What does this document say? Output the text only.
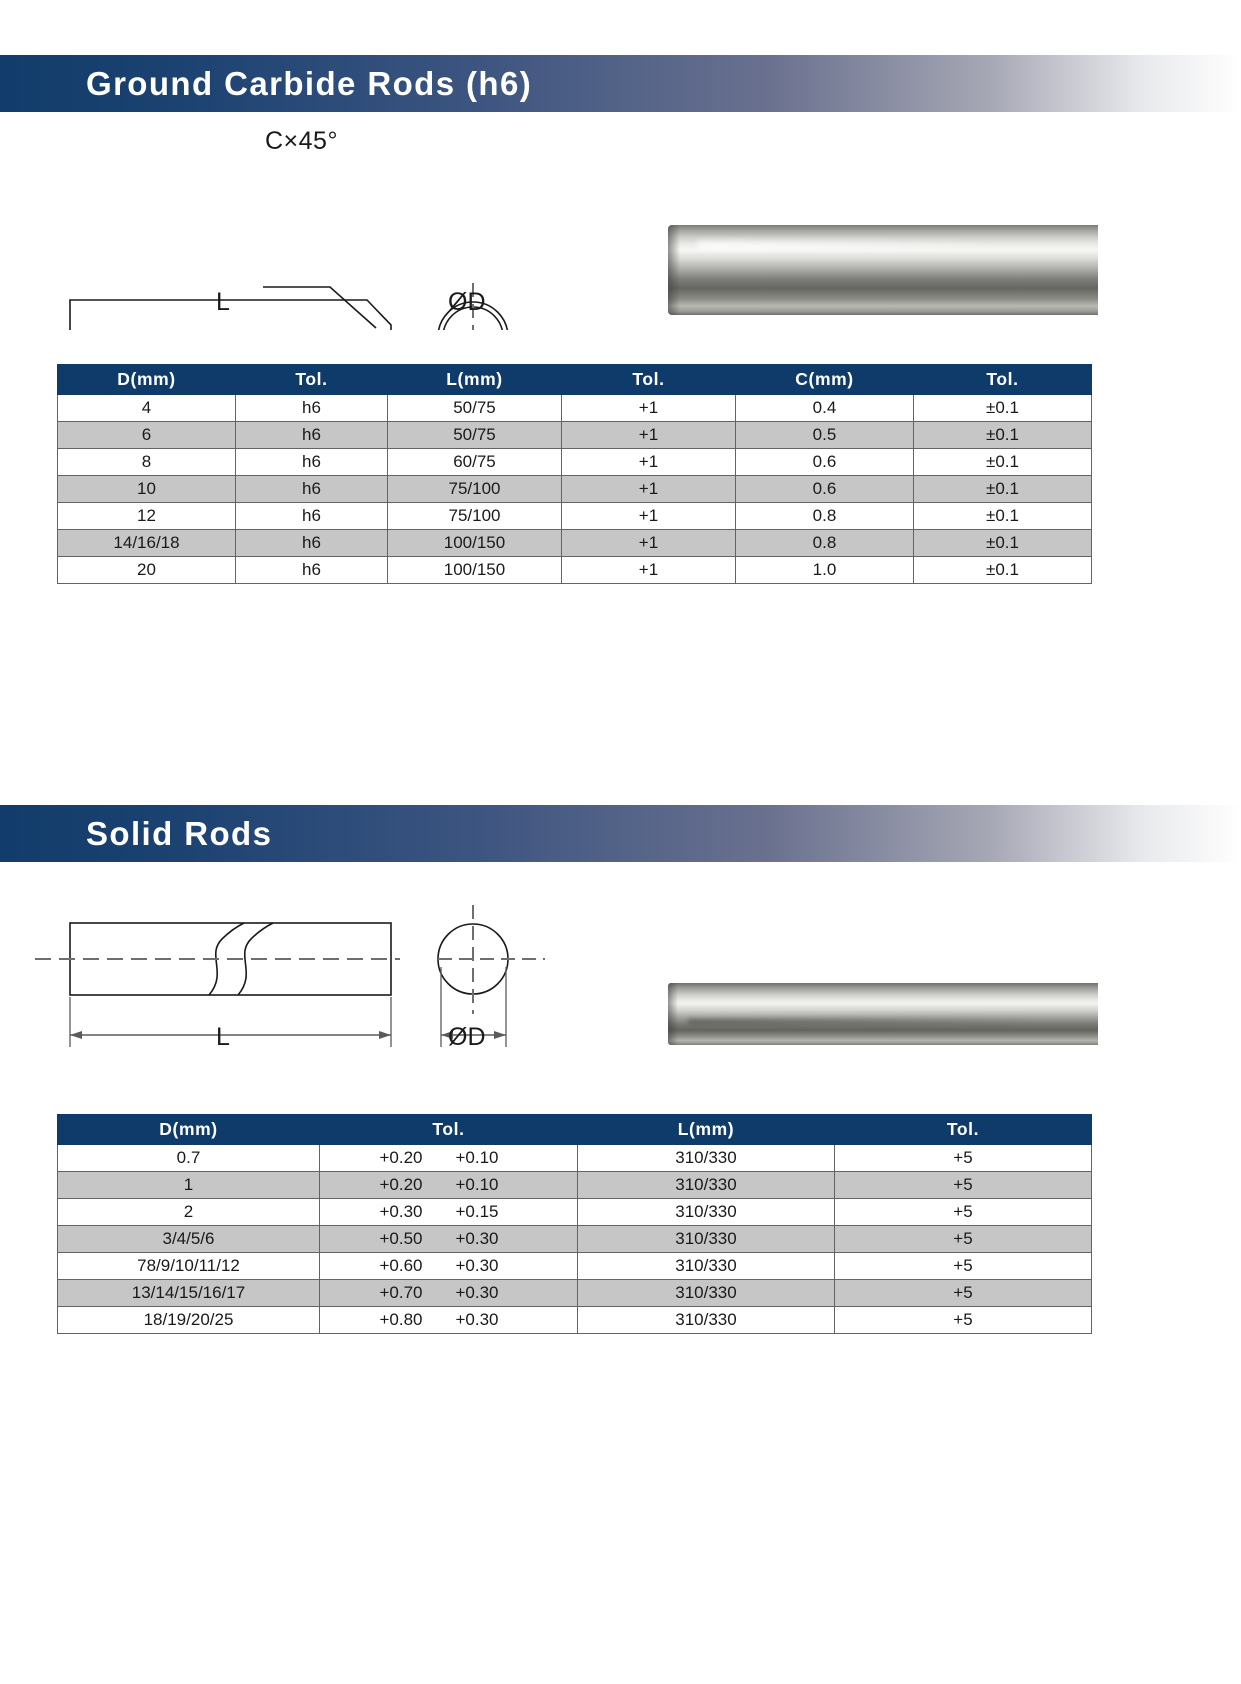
Ground Carbide Rods (h6)
C×45°
L	ØD
D(mm)	Tol.	L(mm)	Tol.	C(mm)	Tol.
4	h6	50/75	+1	0.4	±0.1
6	h6	50/75	+1	0.5	±0.1
8	h6	60/75	+1	0.6	±0.1
10	h6	75/100	+1	0.6	±0.1
12	h6	75/100	+1	0.8	±0.1
14/16/18	h6	100/150	+1	0.8	±0.1
20	h6	100/150	+1	1.0	±0.1
Solid Rods
L	ØD
D(mm)	Tol.	L(mm)	Tol.
0.7	+0.20 +0.10	310/330	+5
1	+0.20 +0.10	310/330	+5
2	+0.30 +0.15	310/330	+5
3/4/5/6	+0.50 +0.30	310/330	+5
78/9/10/11/12	+0.60 +0.30	310/330	+5
13/14/15/16/17	+0.70 +0.30	310/330	+5
18/19/20/25	+0.80 +0.30	310/330	+5
